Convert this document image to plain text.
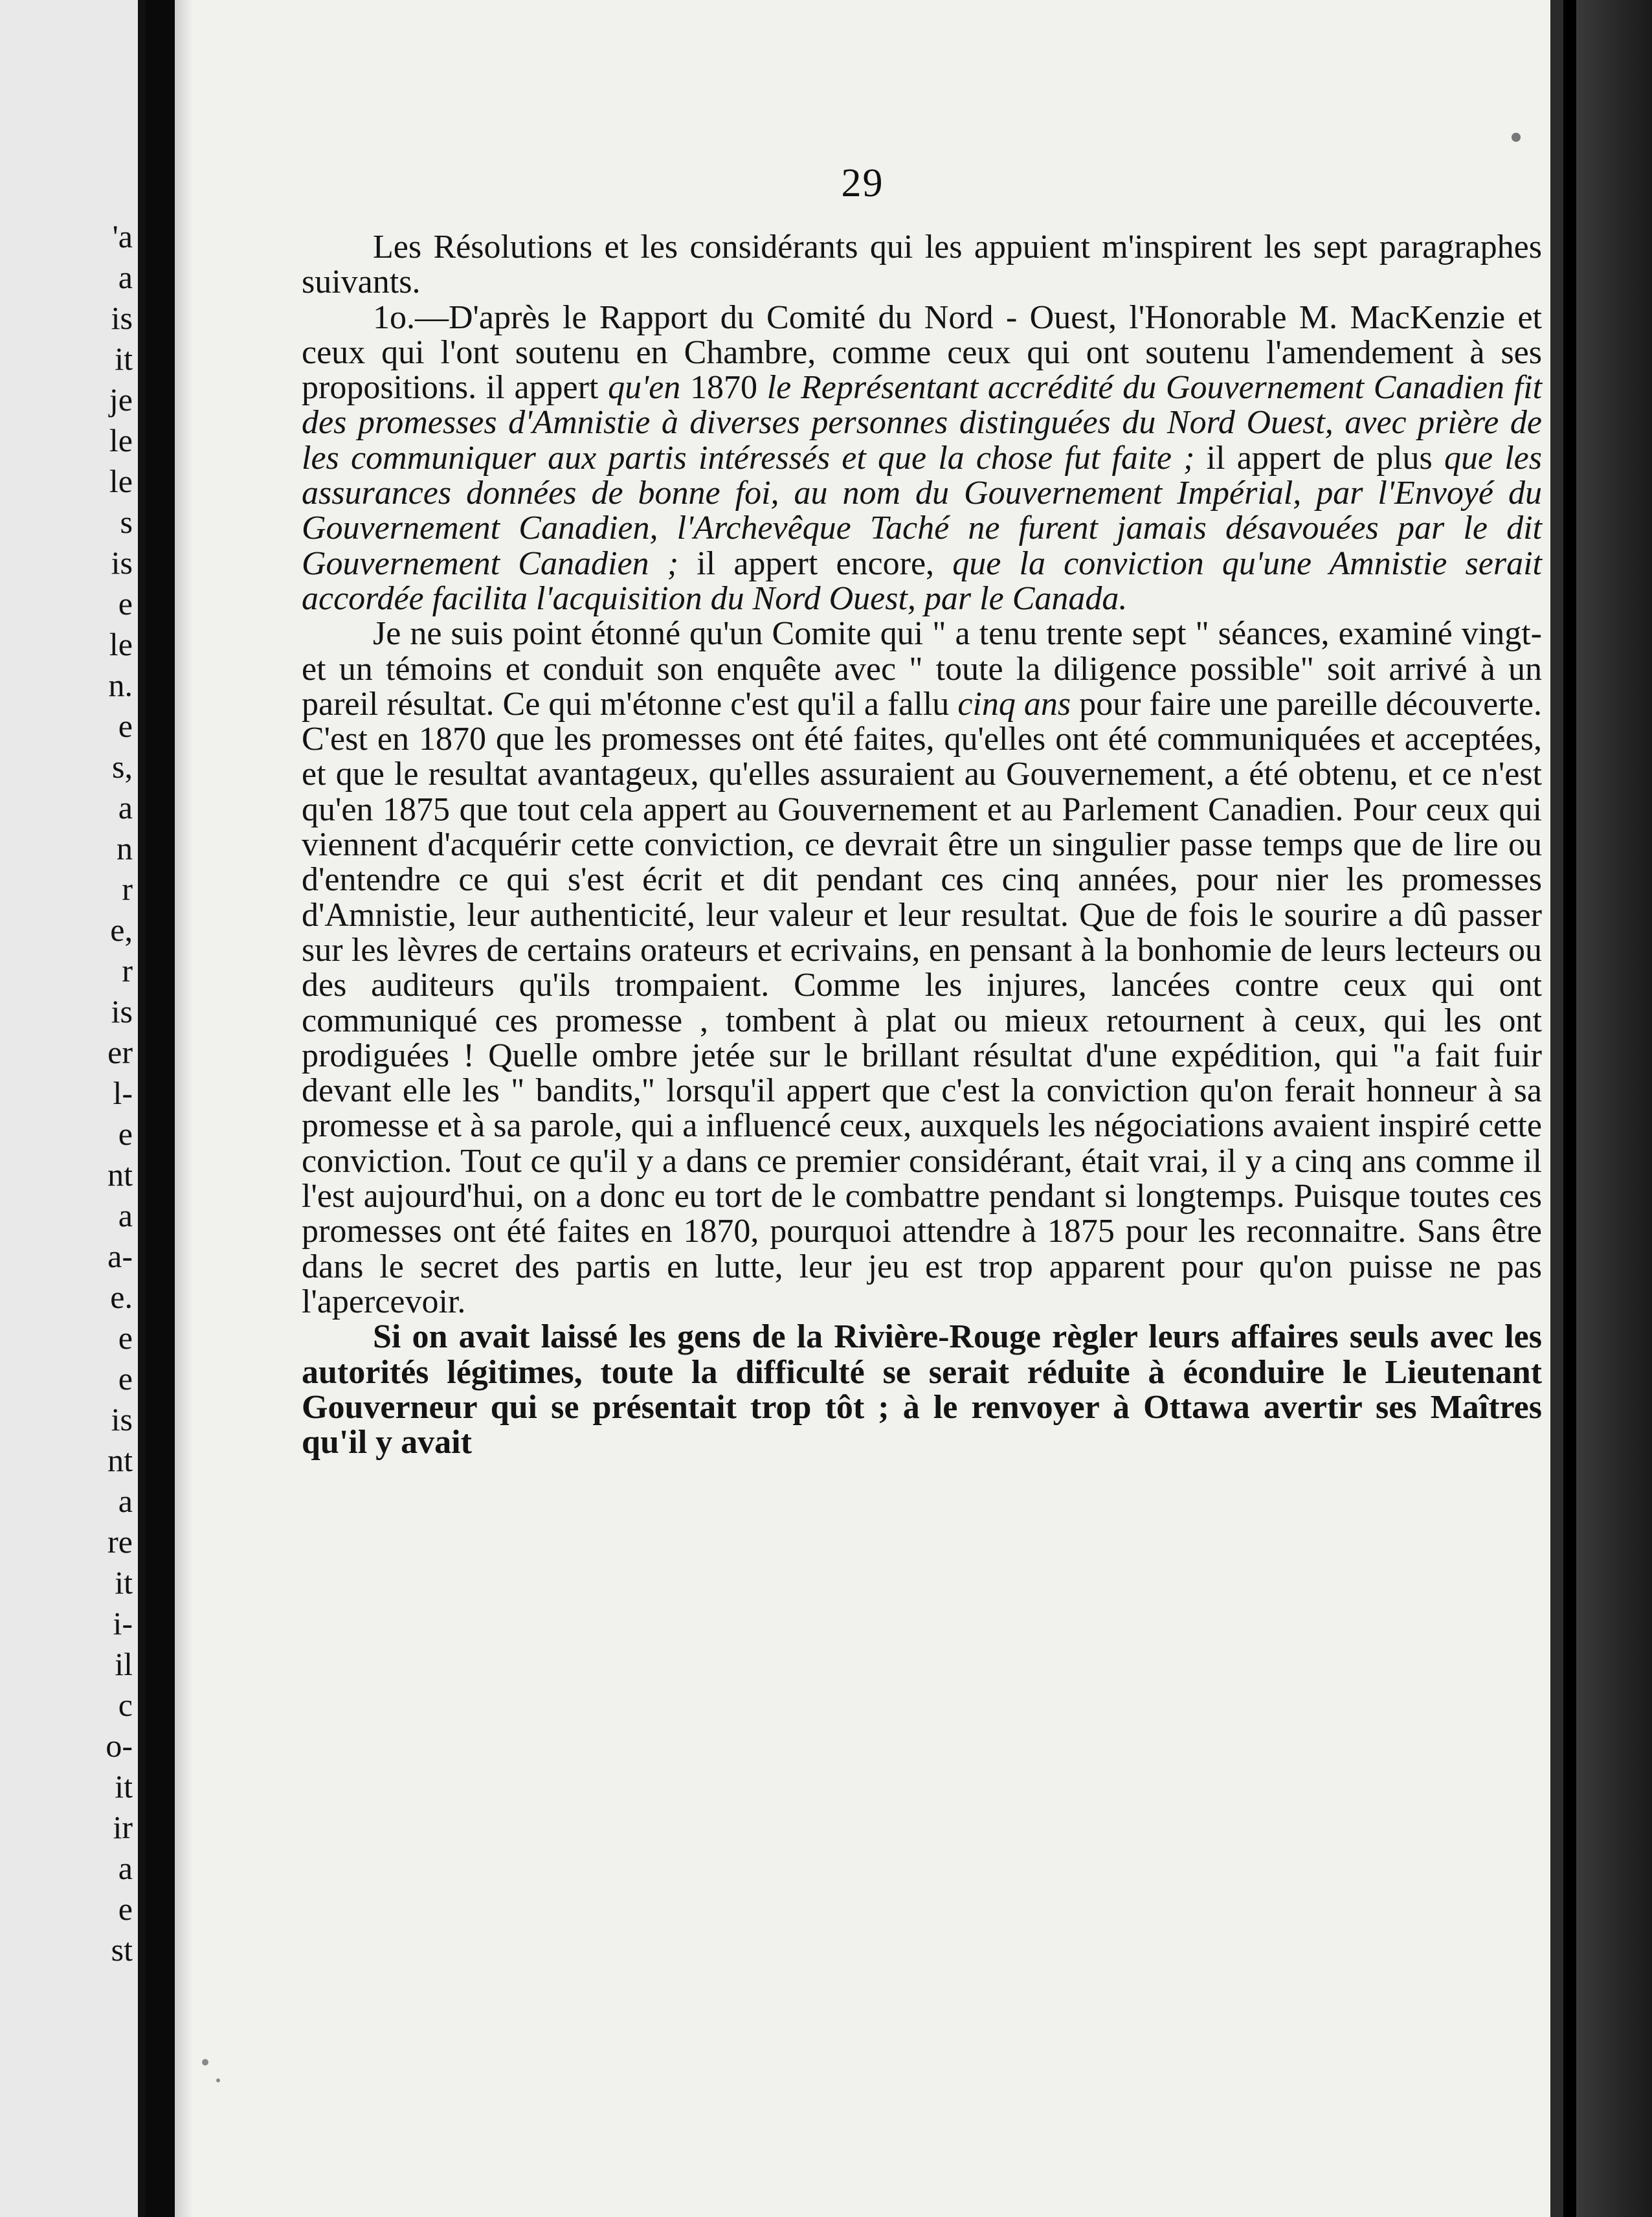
'a
a
is
it
je
le
le
s
is
e
le
n.
e
s,
a
n
r
e,
r
is
er
l-
e
nt
a
a-
e.
e
e
is
nt
a
re
it
i-
il
c
o-
it
ir
a
e
st
29

Les Résolutions et les considérants qui les appuient m'inspirent les sept paragraphes suivants.

1o.—D'après le Rapport du Comité du Nord - Ouest, l'Honorable M. MacKenzie et ceux qui l'ont soutenu en Chambre, comme ceux qui ont soutenu l'amendement à ses propositions. il appert qu'en 1870 le Représentant accrédité du Gouvernement Canadien fit des promesses d'Amnistie à diverses personnes distinguées du Nord Ouest, avec prière de les communiquer aux partis intéressés et que la chose fut faite ; il appert de plus que les assurances données de bonne foi, au nom du Gouvernement Impérial, par l'Envoyé du Gouvernement Canadien, l'Archevêque Taché ne furent jamais désavouées par le dit Gouvernement Canadien ; il appert encore, que la conviction qu'une Amnistie serait accordée facilita l'acquisition du Nord Ouest, par le Canada.

Je ne suis point étonné qu'un Comite qui " a tenu trente sept " séances, examiné vingt-et un témoins et conduit son enquête avec " toute la diligence possible" soit arrivé à un pareil résultat. Ce qui m'étonne c'est qu'il a fallu cinq ans pour faire une pareille découverte. C'est en 1870 que les promesses ont été faites, qu'elles ont été communiquées et acceptées, et que le resultat avantageux, qu'elles assuraient au Gouvernement, a été obtenu, et ce n'est qu'en 1875 que tout cela appert au Gouvernement et au Parlement Canadien. Pour ceux qui viennent d'acquérir cette conviction, ce devrait être un singulier passe temps que de lire ou d'entendre ce qui s'est écrit et dit pendant ces cinq années, pour nier les promesses d'Amnistie, leur authenticité, leur valeur et leur resultat. Que de fois le sourire a dû passer sur les lèvres de certains orateurs et ecrivains, en pensant à la bonhomie de leurs lecteurs ou des auditeurs qu'ils trompaient. Comme les injures, lancées contre ceux qui ont communiqué ces promesse , tombent à plat ou mieux retournent à ceux, qui les ont prodiguées ! Quelle ombre jetée sur le brillant résultat d'une expédition, qui "a fait fuir devant elle les " bandits," lorsqu'il appert que c'est la conviction qu'on ferait honneur à sa promesse et à sa parole, qui a influencé ceux, auxquels les négociations avaient inspiré cette conviction. Tout ce qu'il y a dans ce premier considérant, était vrai, il y a cinq ans comme il l'est aujourd'hui, on a donc eu tort de le combattre pendant si longtemps. Puisque toutes ces promesses ont été faites en 1870, pourquoi attendre à 1875 pour les reconnaitre. Sans être dans le secret des partis en lutte, leur jeu est trop apparent pour qu'on puisse ne pas l'apercevoir.

Si on avait laissé les gens de la Rivière-Rouge règler leurs affaires seuls avec les autorités légitimes, toute la difficulté se serait réduite à éconduire le Lieutenant Gouverneur qui se présentait trop tôt ; à le renvoyer à Ottawa avertir ses Maîtres qu'il y avait
